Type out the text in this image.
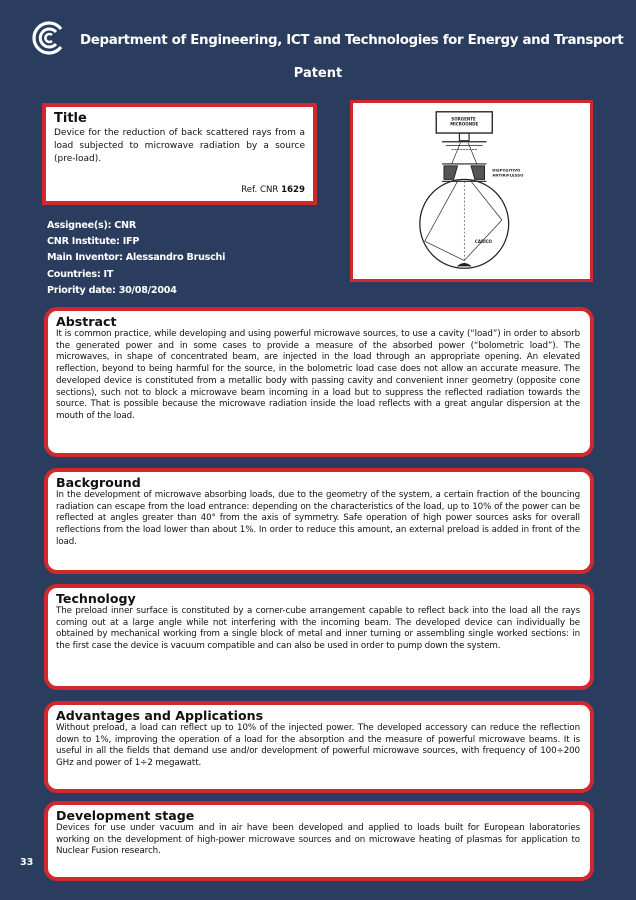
Department of Engineering, ICT and Technologies for Energy and Transport
Patent
Title

Device for the reduction of back scattered rays from a load subjected to microwave radiation by a source (pre-load).

Ref. CNR 1629
SORGENTE MICROONDE
DISPOSITIVO ANTIRIFLESSO
CARICO
Assignee(s): CNR
CNR Institute: IFP
Main Inventor: Alessandro Bruschi
Countries: IT
Priority date: 30/08/2004
Abstract

It is common practice, while developing and using powerful microwave sources, to use a cavity (“load”) in order to absorb the generated power and in some cases to provide a measure of the absorbed power (“bolometric load”). The microwaves, in shape of concentrated beam, are injected in the load through an appropriate opening. An elevated reflection, beyond to being harmful for the source, in the bolometric load case does not allow an accurate measure. The developed device is constituted from a metallic body with passing cavity and convenient inner geometry (opposite cone sections), such not to block a microwave beam incoming in a load but to suppress the reflected radiation towards the source. That is possible because the microwave radiation inside the load reflects with a great angular dispersion at the mouth of the load.

Background

In the development of microwave absorbing loads, due to the geometry of the system, a certain fraction of the bouncing radiation can escape from the load entrance: depending on the characteristics of the load, up to 10% of the power can be reflected at angles greater than 40° from the axis of symmetry. Safe operation of high power sources asks for overall reflections from the load lower than about 1%. In order to reduce this amount, an external preload is added in front of the load.

Technology

The preload inner surface is constituted by a corner-cube arrangement capable to reflect back into the load all the rays coming out at a large angle while not interfering with the incoming beam. The developed device can individually be obtained by mechanical working from a single block of metal and inner turning or assembling single worked sections: in the first case the device is vacuum compatible and can also be used in order to pump down the system.

Advantages and Applications

Without preload, a load can reflect up to 10% of the injected power. The developed accessory can reduce the reflection down to 1%, improving the operation of a load for the absorption and the measure of powerful microwave beams. It is useful in all the fields that demand use and/or development of powerful microwave sources, with frequency of 100÷200 GHz and power of 1÷2 megawatt.

Development stage

Devices for use under vacuum and in air have been developed and applied to loads built for European laboratories working on the development of high-power microwave sources and on microwave heating of plasmas for application to Nuclear Fusion research.

33
